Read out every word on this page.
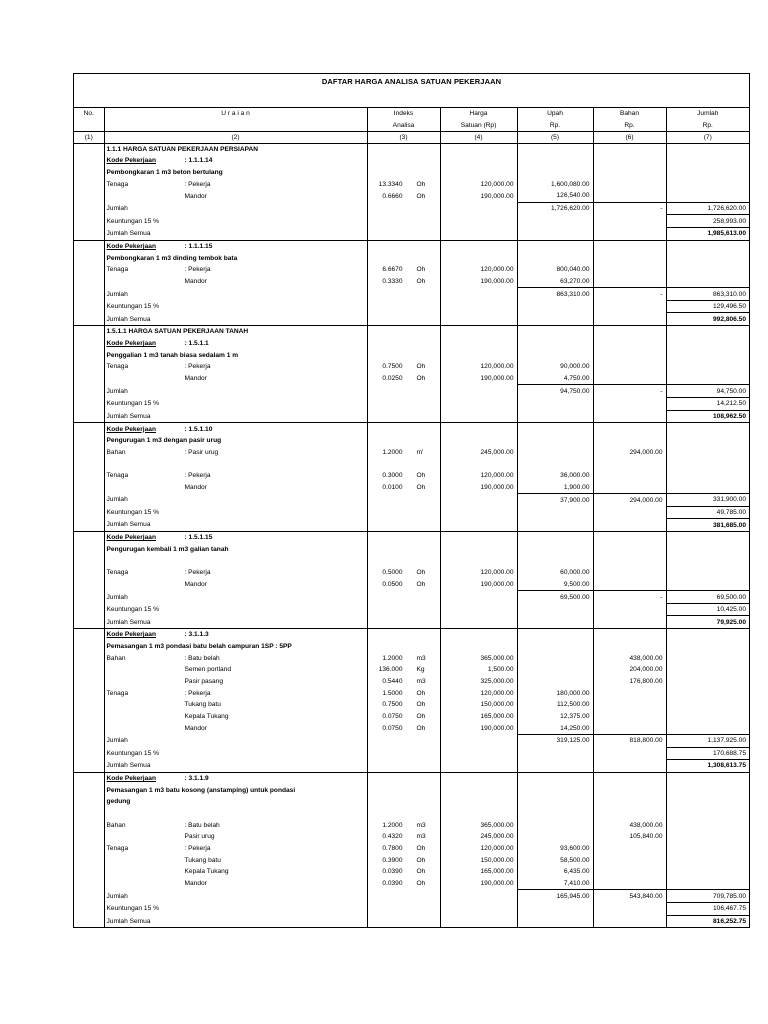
DAFTAR HARGA ANALISA SATUAN PEKERJAAN
No.	U r a i a n	Indeks	Harga	Upah	Bahan	Jumlah
		Analisa	Satuan (Rp)	Rp.	Rp.	Rp.
(1)	(2)	(3)	(4)	(5)	(6)	(7)
	1.1.1 HARGA SATUAN PEKERJAAN PERSIAPAN					
	Kode Pekerjaan : 1.1.1.14					
	Pembongkaran 1 m3 beton bertulang					
	Tenaga : Pekerja	13.3340 Oh	120,000.00	1,600,080.00		
	Mandor	0.6660 Oh	190,000.00	126,540.00		
	Jumlah			1,726,620.00	-	1,726,620.00
	Keuntungan 15 %					258,993.00
	Jumlah Semua					1,985,613.00
	Kode Pekerjaan : 1.1.1.15					
	Pembongkaran 1 m3 dinding tembok bata					
	Tenaga : Pekerja	6.6670 Oh	120,000.00	800,040.00		
	Mandor	0.3330 Oh	190,000.00	63,270.00		
	Jumlah			863,310.00	-	863,310.00
	Keuntungan 15 %					129,496.50
	Jumlah Semua					992,806.50
	1.5.1.1 HARGA SATUAN PEKERJAAN TANAH					
	Kode Pekerjaan : 1.5.1.1					
	Penggalian 1 m3 tanah biasa sedalam 1 m					
	Tenaga : Pekerja	0.7500 Oh	120,000.00	90,000.00		
	Mandor	0.0250 Oh	190,000.00	4,750.00		
	Jumlah			94,750.00	-	94,750.00
	Keuntungan 15 %					14,212.50
	Jumlah Semua					108,962.50
	Kode Pekerjaan : 1.5.1.10					
	Pengurugan 1 m3 dengan pasir urug					
	Bahan : Pasir urug	1.2000 m'	245,000.00		294,000.00	

	Tenaga : Pekerja	0.3000 Oh	120,000.00	36,000.00		
	Mandor	0.0100 Oh	190,000.00	1,900.00		
	Jumlah			37,900.00	294,000.00	331,900.00
	Keuntungan 15 %					49,785.00
	Jumlah Semua					381,685.00
	Kode Pekerjaan : 1.5.1.15					
	Pengurugan kembali 1 m3 galian tanah					

	Tenaga : Pekerja	0.5000 Oh	120,000.00	60,000.00		
	Mandor	0.0500 Oh	190,000.00	9,500.00		
	Jumlah			69,500.00	-	69,500.00
	Keuntungan 15 %					10,425.00
	Jumlah Semua					79,925.00
	Kode Pekerjaan : 3.1.1.3					
	Pemasangan 1 m3 pondasi batu belah campuran 1SP : 5PP					
	Bahan : Batu belah	1.2000 m3	365,000.00		438,000.00	
	Semen portland	136.000 Kg	1,500.00		204,000.00	
	Pasir pasang	0.5440 m3	325,000.00		176,800.00	
	Tenaga : Pekerja	1.5000 Oh	120,000.00	180,000.00		
	Tukang batu	0.7500 Oh	150,000.00	112,500.00		
	Kepala Tukang	0.0750 Oh	165,000.00	12,375.00		
	Mandor	0.0750 Oh	190,000.00	14,250.00		
	Jumlah			319,125.00	818,800.00	1,137,925.00
	Keuntungan 15 %					170,688.75
	Jumlah Semua					1,308,613.75
	Kode Pekerjaan : 3.1.1.9					
	Pemasangan 1 m3 batu kosong (anstamping) untuk pondasi					
	gedung					

	Bahan : Batu belah	1.2000 m3	365,000.00		438,000.00	
	Pasir urug	0.4320 m3	245,000.00		105,840.00	
	Tenaga : Pekerja	0.7800 Oh	120,000.00	93,600.00		
	Tukang batu	0.3900 Oh	150,000.00	58,500.00		
	Kepala Tukang	0.0390 Oh	165,000.00	6,435.00		
	Mandor	0.0390 Oh	190,000.00	7,410.00		
	Jumlah			165,945.00	543,840.00	709,785.00
	Keuntungan 15 %					106,467.75
	Jumlah Semua					816,252.75
